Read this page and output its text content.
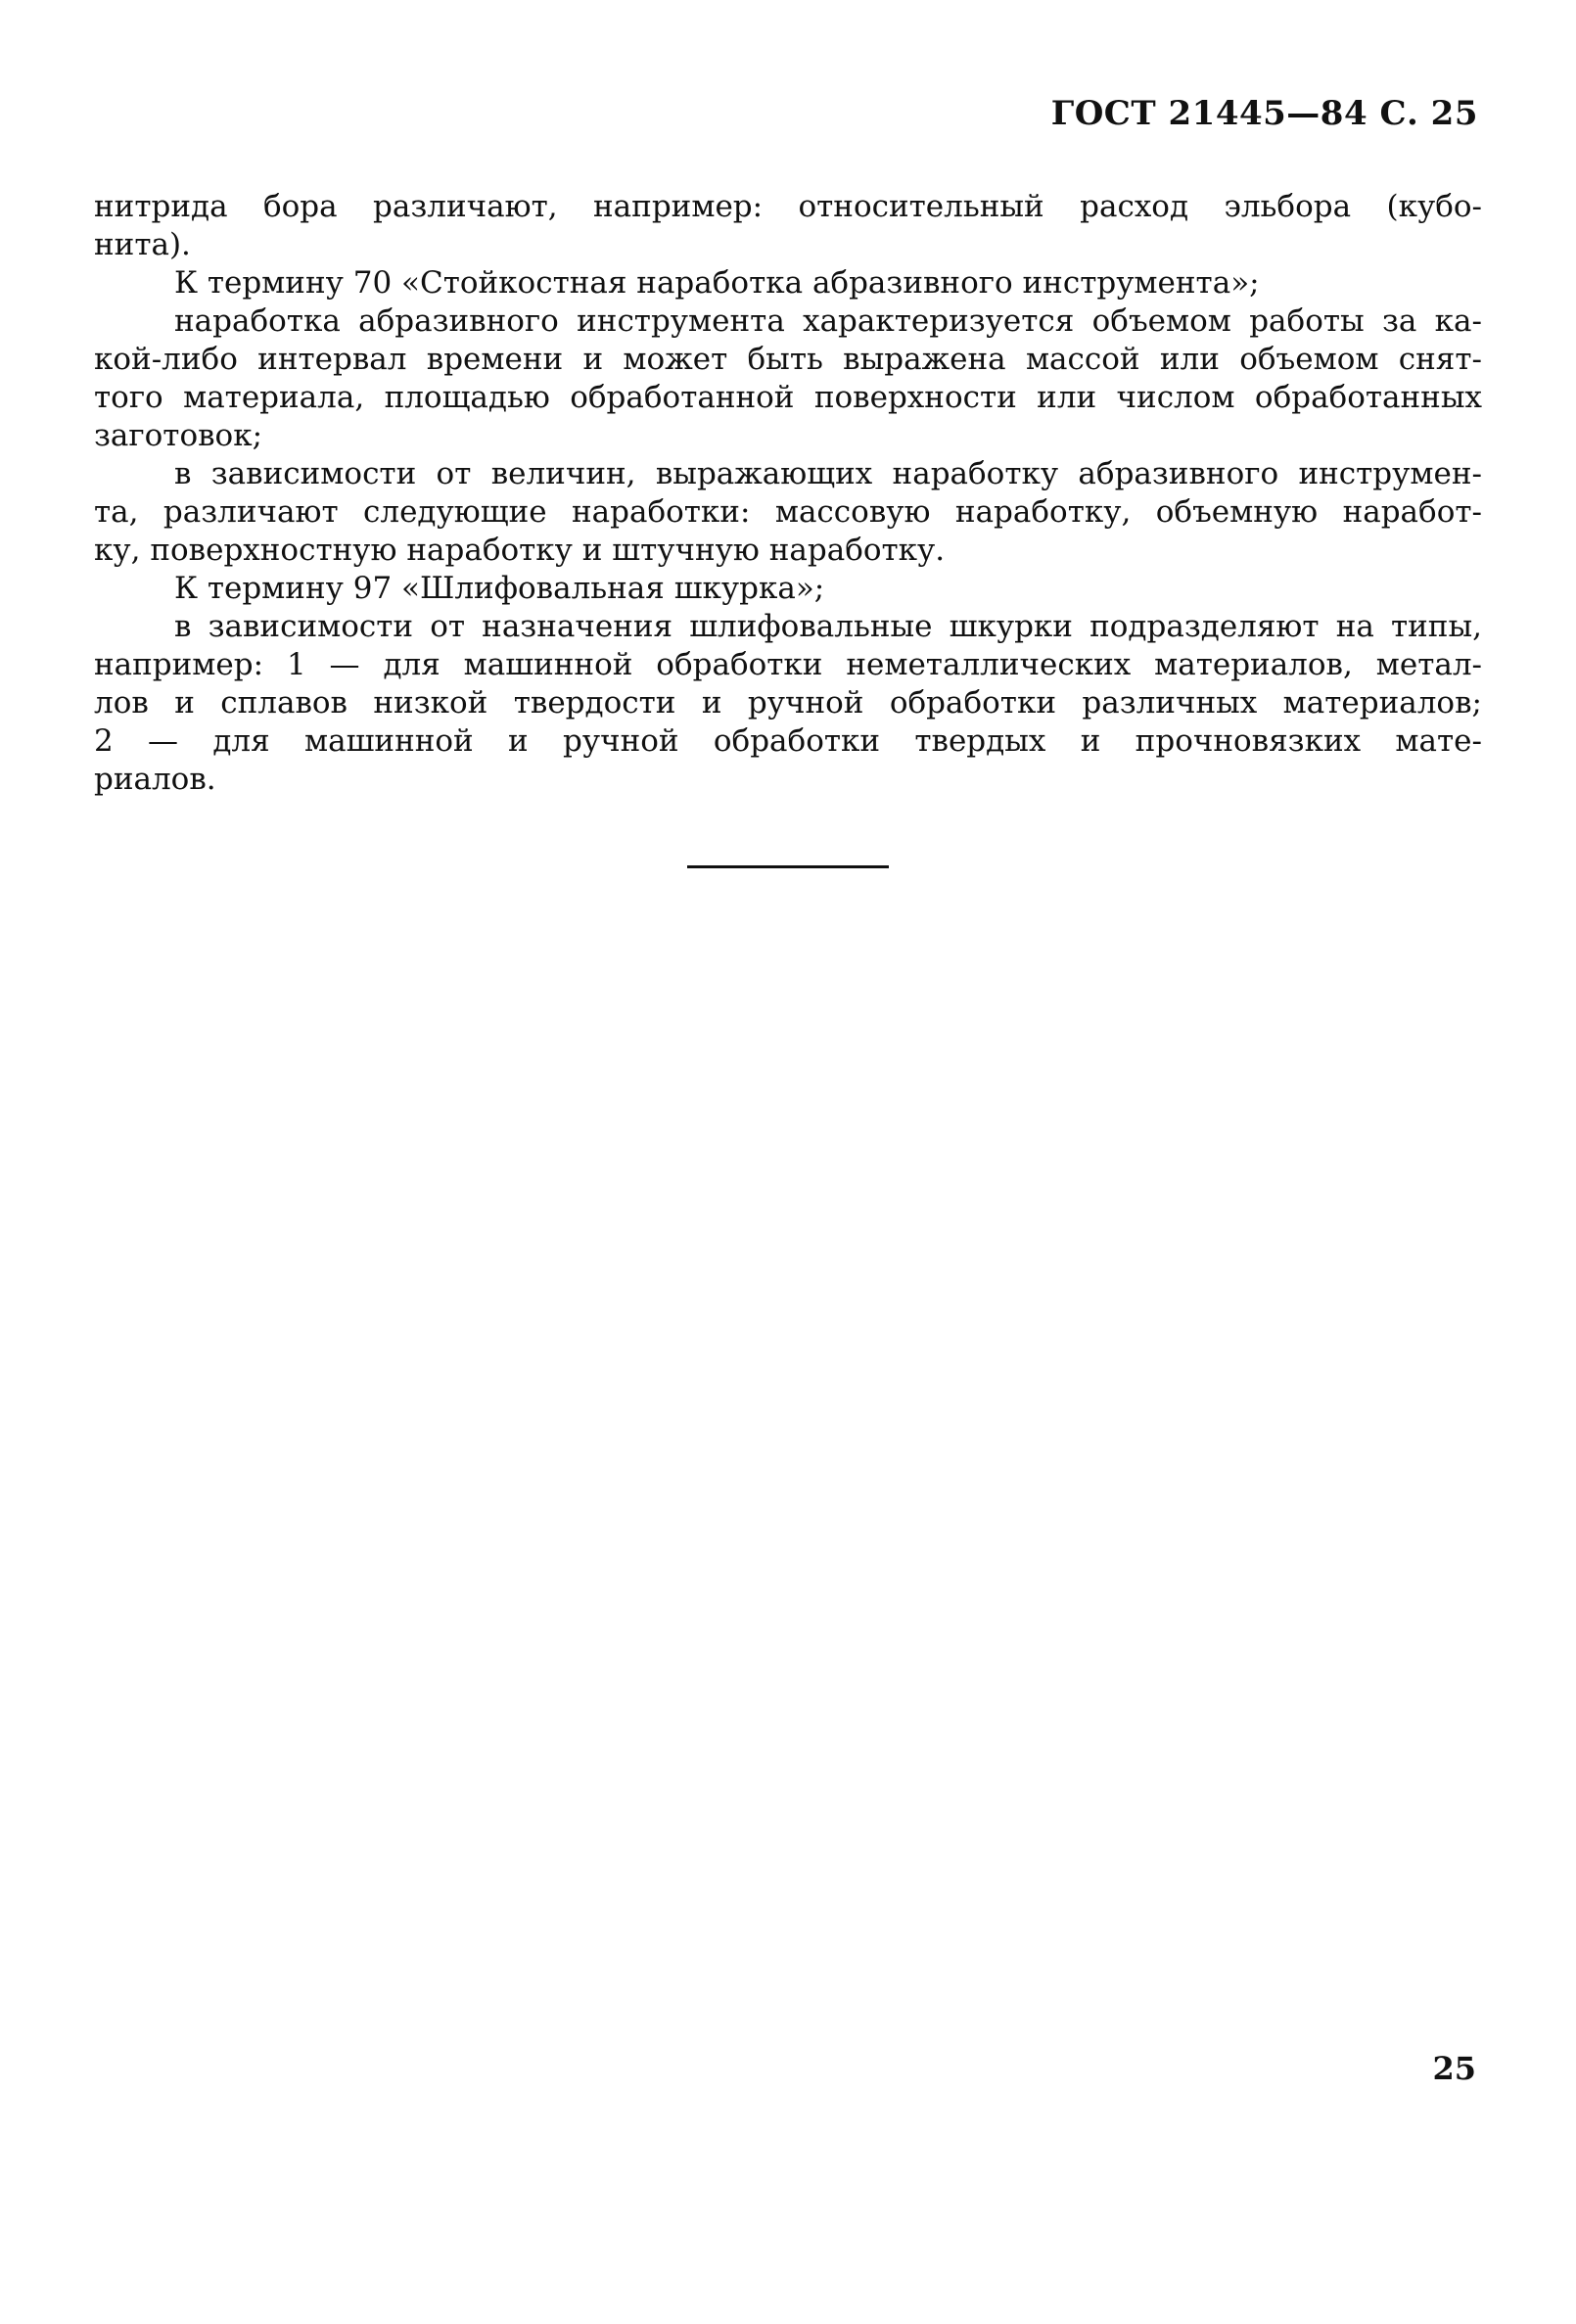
ГОСТ 21445—84 С. 25
нитрида бора различают, например: относительный расход эльбора (кубо-
нита).
К термину 70 «Стойкостная наработка абразивного инструмента»;
наработка абразивного инструмента характеризуется объемом работы за ка-
кой-либо интервал времени и может быть выражена массой или объемом снят-
того материала, площадью обработанной поверхности или числом обработанных
заготовок;
в зависимости от величин, выражающих наработку абразивного инструмен-
та, различают следующие наработки: массовую наработку, объемную наработ-
ку, поверхностную наработку и штучную наработку.
К термину 97 «Шлифовальная шкурка»;
в зависимости от назначения шлифовальные шкурки подразделяют на типы,
например: 1 — для машинной обработки неметаллических материалов, метал-
лов и сплавов низкой твердости и ручной обработки различных материалов;
2 — для машинной и ручной обработки твердых и прочновязких мате-
риалов.
25
